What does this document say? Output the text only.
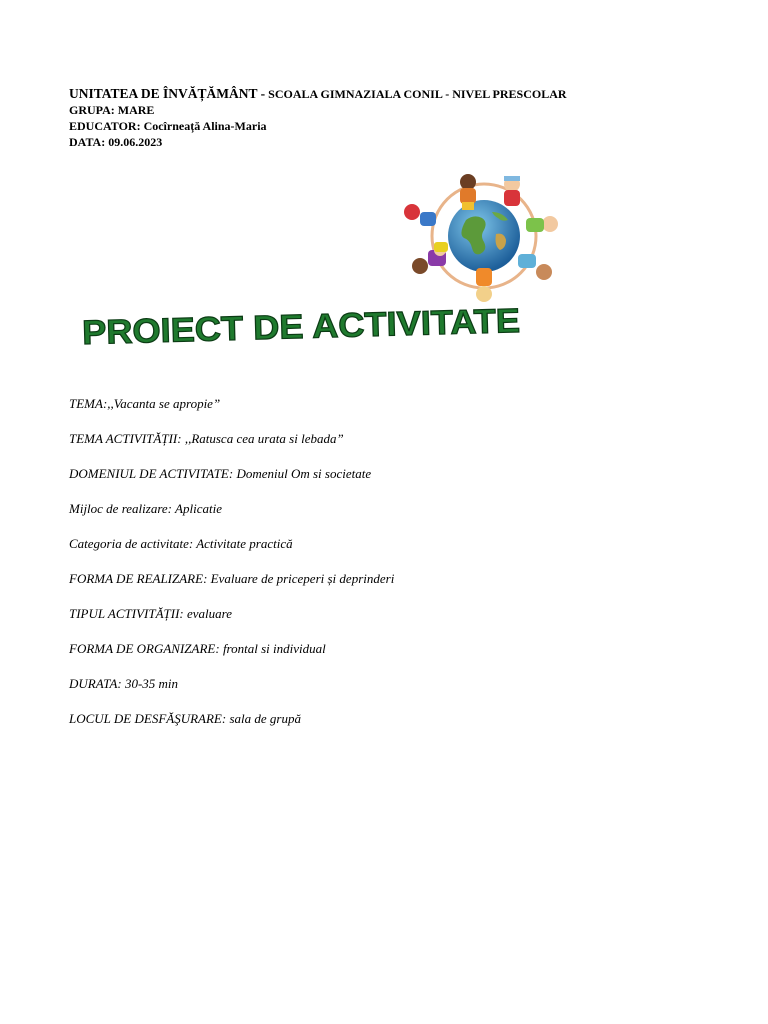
UNITATEA DE ÎNVĂȚĂMÂNT - SCOALA GIMNAZIALA CONIL - NIVEL PRESCOLAR
GRUPA: MARE
EDUCATOR: Cocîrneață Alina-Maria
DATA: 09.06.2023
PROIECT DE ACTIVITATE
TEMA:,,Vacanta se apropie”
TEMA ACTIVITĂȚII: ,,Ratusca cea urata si lebada”
DOMENIUL DE ACTIVITATE: Domeniul Om si societate
Mijloc de realizare: Aplicatie
Categoria de activitate: Activitate practică
FORMA DE REALIZARE: Evaluare de priceperi și deprinderi
TIPUL ACTIVITĂȚII: evaluare
FORMA DE ORGANIZARE: frontal si individual
DURATA: 30-35 min
LOCUL DE DESFĂŞURARE: sala de grupă
